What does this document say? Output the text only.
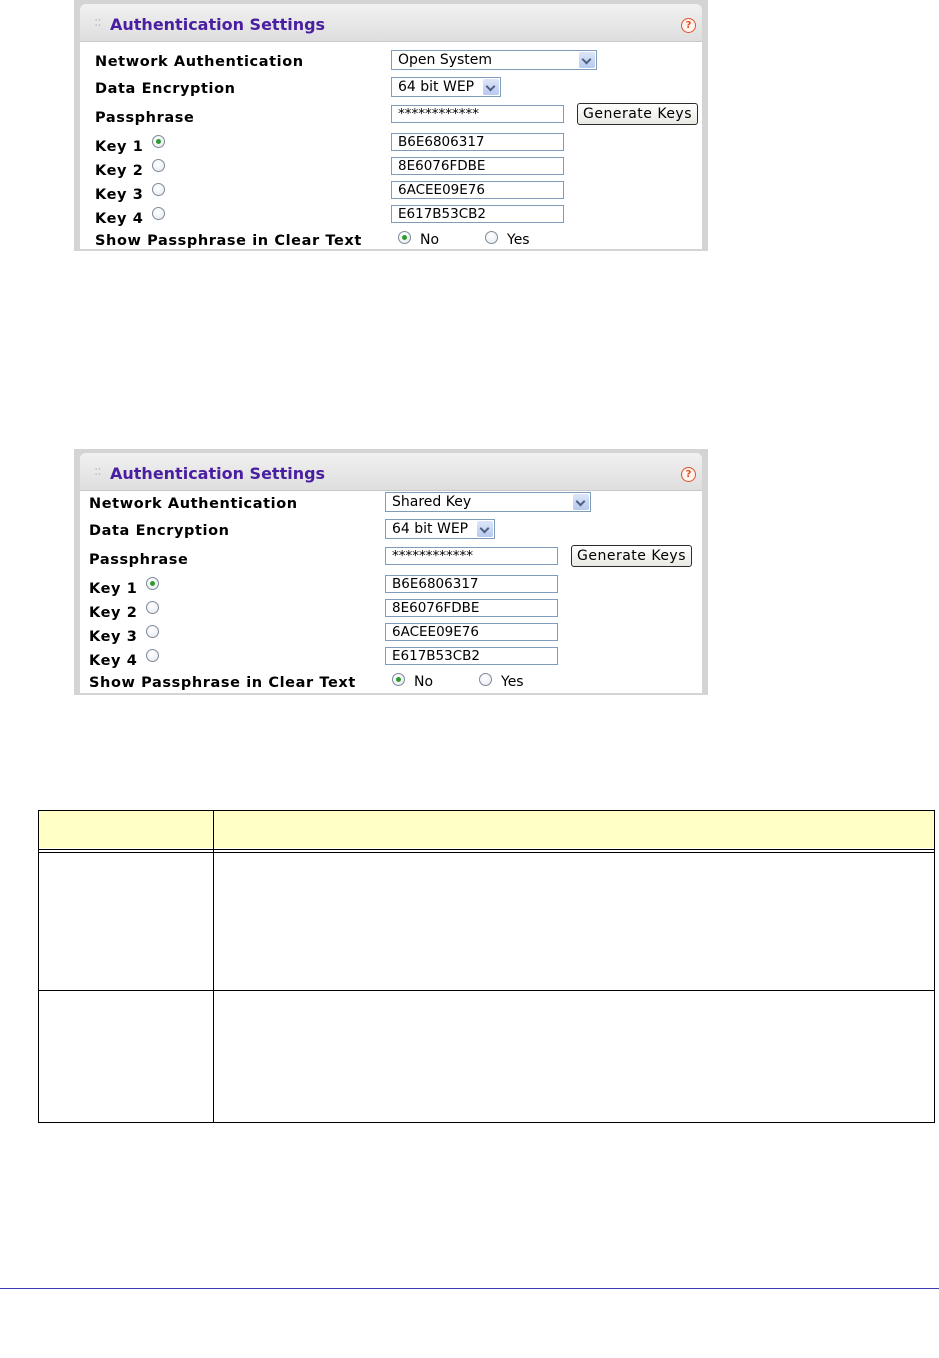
:: Authentication Settings	?
Network Authentication	Open System
Data Encryption	64 bit WEP
Passphrase	************	Generate Keys
Key 1	B6E6806317
Key 2	8E6076FDBE
Key 3	6ACEE09E76
Key 4	E617B53CB2
Show Passphrase in Clear Text	No	Yes
:: Authentication Settings	?
Network Authentication	Shared Key
Data Encryption	64 bit WEP
Passphrase	************	Generate Keys
Key 1	B6E6806317
Key 2	8E6076FDBE
Key 3	6ACEE09E76
Key 4	E617B53CB2
Show Passphrase in Clear Text	No	Yes
